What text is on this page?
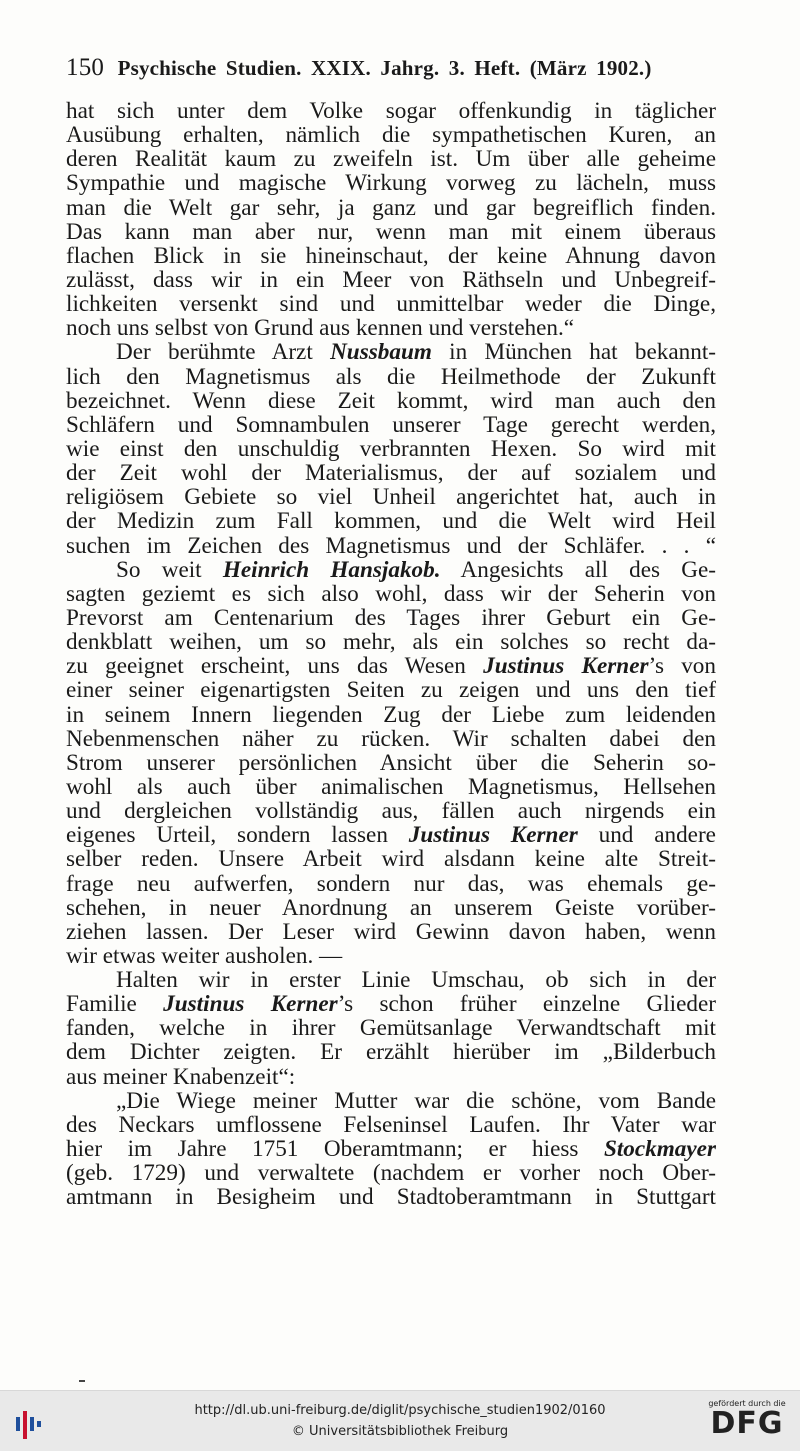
150 Psychische Studien. XXIX. Jahrg. 3. Heft. (März 1902.)
hat sich unter dem Volke sogar offenkundig in täglicher
Ausübung erhalten, nämlich die sympathetischen Kuren, an
deren Realität kaum zu zweifeln ist. Um über alle geheime
Sympathie und magische Wirkung vorweg zu lächeln, muss
man die Welt gar sehr, ja ganz und gar begreiflich finden.
Das kann man aber nur, wenn man mit einem überaus
flachen Blick in sie hineinschaut, der keine Ahnung davon
zulässt, dass wir in ein Meer von Räthseln und Unbegreif-
lichkeiten versenkt sind und unmittelbar weder die Dinge,
noch uns selbst von Grund aus kennen und verstehen.“
Der berühmte Arzt Nussbaum in München hat bekannt-
lich den Magnetismus als die Heilmethode der Zukunft
bezeichnet. Wenn diese Zeit kommt, wird man auch den
Schläfern und Somnambulen unserer Tage gerecht werden,
wie einst den unschuldig verbrannten Hexen. So wird mit
der Zeit wohl der Materialismus, der auf sozialem und
religiösem Gebiete so viel Unheil angerichtet hat, auch in
der Medizin zum Fall kommen, und die Welt wird Heil
suchen im Zeichen des Magnetismus und der Schläfer. . . “
So weit Heinrich Hansjakob. Angesichts all des Ge-
sagten geziemt es sich also wohl, dass wir der Seherin von
Prevorst am Centenarium des Tages ihrer Geburt ein Ge-
denkblatt weihen, um so mehr, als ein solches so recht da-
zu geeignet erscheint, uns das Wesen Justinus Kerner’s von
einer seiner eigenartigsten Seiten zu zeigen und uns den tief
in seinem Innern liegenden Zug der Liebe zum leidenden
Nebenmenschen näher zu rücken. Wir schalten dabei den
Strom unserer persönlichen Ansicht über die Seherin so-
wohl als auch über animalischen Magnetismus, Hellsehen
und dergleichen vollständig aus, fällen auch nirgends ein
eigenes Urteil, sondern lassen Justinus Kerner und andere
selber reden. Unsere Arbeit wird alsdann keine alte Streit-
frage neu aufwerfen, sondern nur das, was ehemals ge-
schehen, in neuer Anordnung an unserem Geiste vorüber-
ziehen lassen. Der Leser wird Gewinn davon haben, wenn
wir etwas weiter ausholen. —
Halten wir in erster Linie Umschau, ob sich in der
Familie Justinus Kerner’s schon früher einzelne Glieder
fanden, welche in ihrer Gemütsanlage Verwandtschaft mit
dem Dichter zeigten. Er erzählt hierüber im „Bilderbuch
aus meiner Knabenzeit“:
„Die Wiege meiner Mutter war die schöne, vom Bande
des Neckars umflossene Felseninsel Laufen. Ihr Vater war
hier im Jahre 1751 Oberamtmann; er hiess Stockmayer
(geb. 1729) und verwaltete (nachdem er vorher noch Ober-
amtmann in Besigheim und Stadtoberamtmann in Stuttgart
http://dl.ub.uni-freiburg.de/diglit/psychische_studien1902/0160
© Universitätsbibliothek Freiburg
gefördert durch die
DFG
